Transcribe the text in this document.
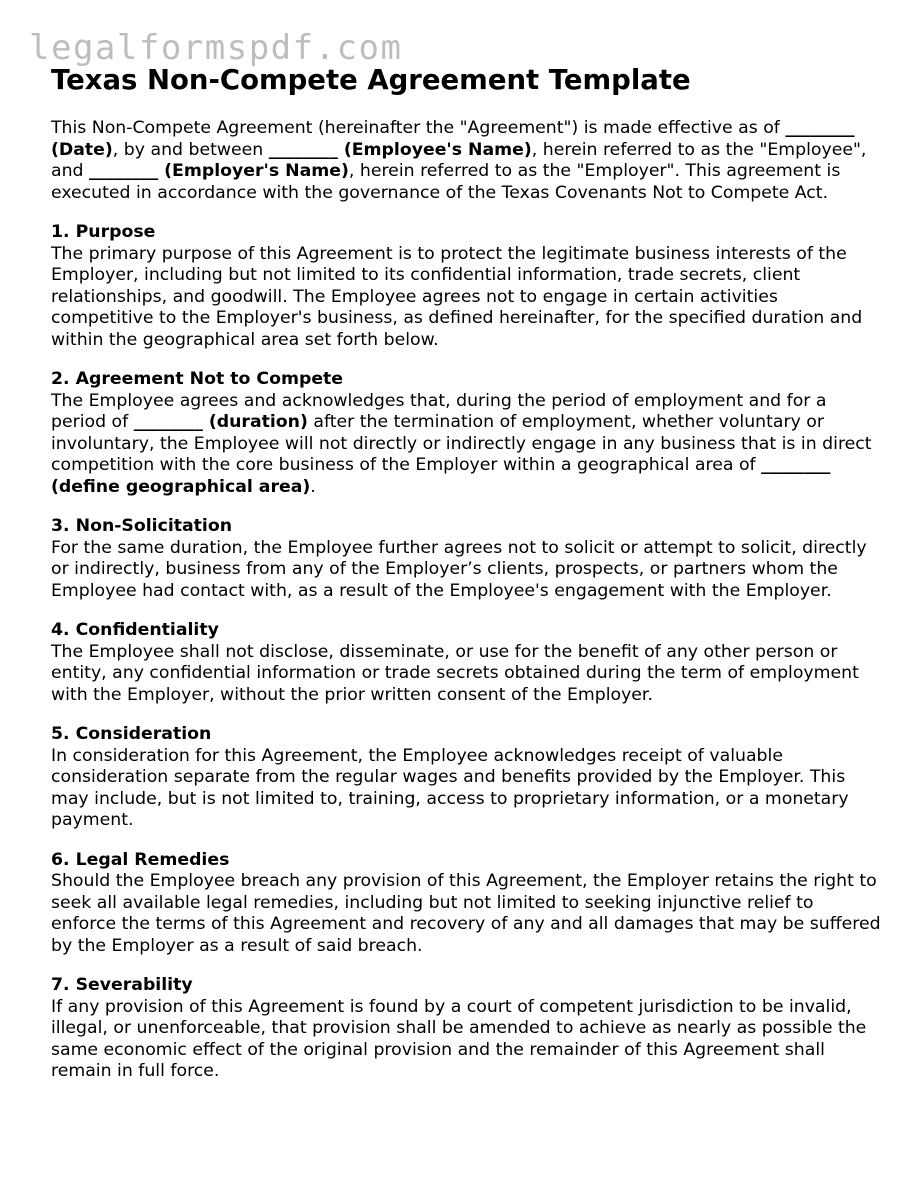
legalformspdf.com
Texas Non-Compete Agreement Template

This Non-Compete Agreement (hereinafter the "Agreement") is made effective as of ________ (Date), by and between ________ (Employee's Name), herein referred to as the "Employee", and ________ (Employer's Name), herein referred to as the "Employer". This agreement is executed in accordance with the governance of the Texas Covenants Not to Compete Act.

1. Purpose

The primary purpose of this Agreement is to protect the legitimate business interests of the Employer, including but not limited to its confidential information, trade secrets, client relationships, and goodwill. The Employee agrees not to engage in certain activities competitive to the Employer's business, as defined hereinafter, for the specified duration and within the geographical area set forth below.

2. Agreement Not to Compete

The Employee agrees and acknowledges that, during the period of employment and for a period of ________ (duration) after the termination of employment, whether voluntary or involuntary, the Employee will not directly or indirectly engage in any business that is in direct competition with the core business of the Employer within a geographical area of ________ (define geographical area).

3. Non-Solicitation

For the same duration, the Employee further agrees not to solicit or attempt to solicit, directly or indirectly, business from any of the Employer’s clients, prospects, or partners whom the Employee had contact with, as a result of the Employee's engagement with the Employer.

4. Confidentiality

The Employee shall not disclose, disseminate, or use for the benefit of any other person or entity, any confidential information or trade secrets obtained during the term of employment with the Employer, without the prior written consent of the Employer.

5. Consideration

In consideration for this Agreement, the Employee acknowledges receipt of valuable consideration separate from the regular wages and benefits provided by the Employer. This may include, but is not limited to, training, access to proprietary information, or a monetary payment.

6. Legal Remedies

Should the Employee breach any provision of this Agreement, the Employer retains the right to seek all available legal remedies, including but not limited to seeking injunctive relief to enforce the terms of this Agreement and recovery of any and all damages that may be suffered by the Employer as a result of said breach.

7. Severability

If any provision of this Agreement is found by a court of competent jurisdiction to be invalid, illegal, or unenforceable, that provision shall be amended to achieve as nearly as possible the same economic effect of the original provision and the remainder of this Agreement shall remain in full force.
